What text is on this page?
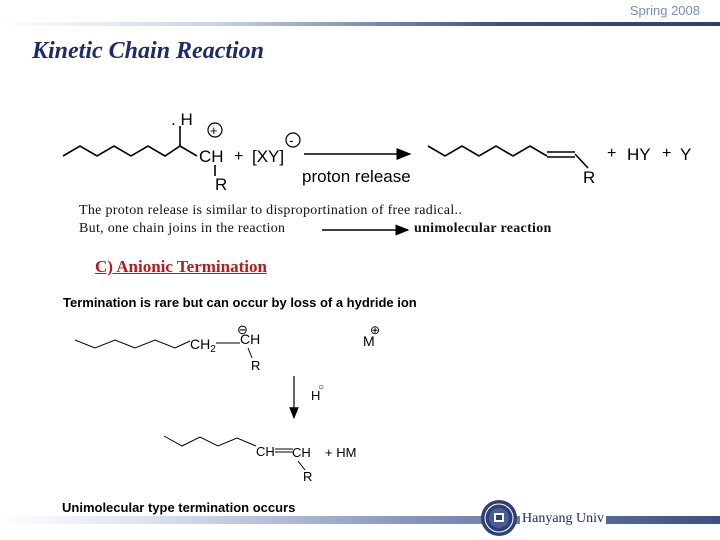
Spring 2008
Kinetic Chain Reaction
. H
+
CH + [XY]
-
R	proton release	R
+ HY + Y
Termination is rare but can occur by loss of a hydride ion
$CH_2$
⊖
CH
R
⊕
M
H
○
CH CH + HM
R
Unimolecular type termination occurs
The proton release is similar to disproportination of free radical..
But, one chain joins in the reaction	unimolecular reaction
C) Anionic Termination
Hanyang Univ
